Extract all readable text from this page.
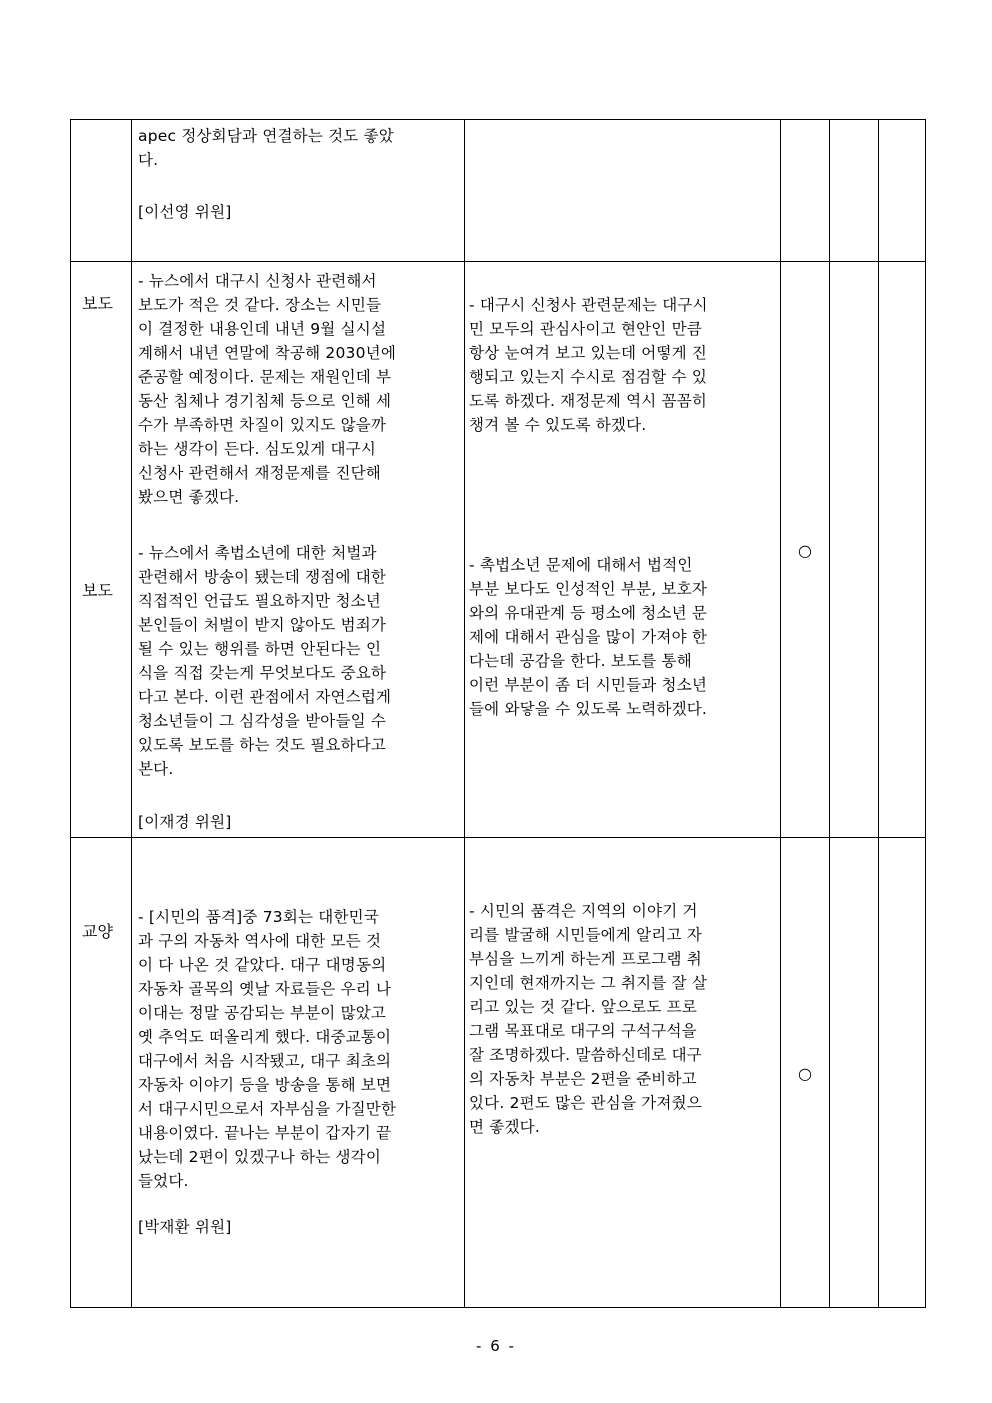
apec 정상회담과 연결하는 것도 좋았
다.
[이선영 위원]
보도
- 뉴스에서 대구시 신청사 관련해서
보도가 적은 것 같다. 장소는 시민들
이 결정한 내용인데 내년 9월 실시설
계해서 내년 연말에 착공해 2030년에
준공할 예정이다. 문제는 재원인데 부
동산 침체나 경기침체 등으로 인해 세
수가 부족하면 차질이 있지도 않을까
하는 생각이 든다. 심도있게 대구시
신청사 관련해서 재정문제를 진단해
봤으면 좋겠다.
- 대구시 신청사 관련문제는 대구시
민 모두의 관심사이고 현안인 만큼
항상 눈여겨 보고 있는데 어떻게 진
행되고 있는지 수시로 점검할 수 있
도록 하겠다. 재정문제 역시 꼼꼼히
챙겨 볼 수 있도록 하겠다.
보도
- 뉴스에서 촉법소년에 대한 처벌과
관련해서 방송이 됐는데 쟁점에 대한
직접적인 언급도 필요하지만 청소년
본인들이 처벌이 받지 않아도 범죄가
될 수 있는 행위를 하면 안된다는 인
식을 직접 갖는게 무엇보다도 중요하
다고 본다. 이런 관점에서 자연스럽게
청소년들이 그 심각성을 받아들일 수
있도록 보도를 하는 것도 필요하다고
본다.
- 촉법소년 문제에 대해서 법적인
부분 보다도 인성적인 부분, 보호자
와의 유대관계 등 평소에 청소년 문
제에 대해서 관심을 많이 가져야 한
다는데 공감을 한다. 보도를 통해
이런 부분이 좀 더 시민들과 청소년
들에 와닿을 수 있도록 노력하겠다.
○
[이재경 위원]
교양
- [시민의 품격]중 73회는 대한민국
과 구의 자동차 역사에 대한 모든 것
이 다 나온 것 같았다. 대구 대명동의
자동차 골목의 옛날 자료들은 우리 나
이대는 정말 공감되는 부분이 많았고
옛 추억도 떠올리게 했다. 대중교통이
대구에서 처음 시작됐고, 대구 최초의
자동차 이야기 등을 방송을 통해 보면
서 대구시민으로서 자부심을 가질만한
내용이였다. 끝나는 부분이 갑자기 끝
났는데 2편이 있겠구나 하는 생각이
들었다.
[박재환 위원]
- 시민의 품격은 지역의 이야기 거
리를 발굴해 시민들에게 알리고 자
부심을 느끼게 하는게 프로그램 취
지인데 현재까지는 그 취지를 잘 살
리고 있는 것 같다. 앞으로도 프로
그램 목표대로 대구의 구석구석을
잘 조명하겠다. 말씀하신데로 대구
의 자동차 부분은 2편을 준비하고
있다. 2편도 많은 관심을 가져줬으
면 좋겠다.
○
- 6 -
